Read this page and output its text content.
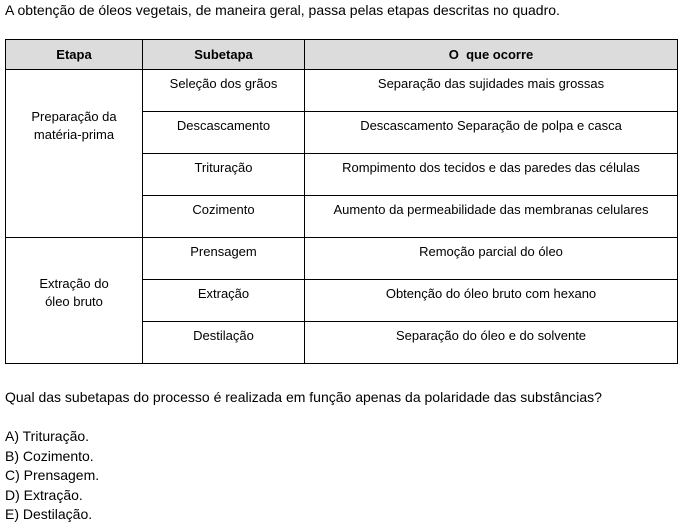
A obtenção de óleos vegetais, de maneira geral, passa pelas etapas descritas no quadro.
Etapa	Subetapa	O  que ocorre

Preparação da matéria-prima	Seleção dos grãos	Separação das sujidades mais grossas
	Descascamento	Descascamento Separação de polpa e casca
	Trituração	Rompimento dos tecidos e das paredes das células
	Cozimento	Aumento da permeabilidade das membranas celulares

Extração do óleo bruto	Prensagem	Remoção parcial do óleo
	Extração	Obtenção do óleo bruto com hexano
	Destilação	Separação do óleo e do solvente
Qual das subetapas do processo é realizada em função apenas da polaridade das substâncias?
A) Trituração.
B) Cozimento.
C) Prensagem.
D) Extração.
E) Destilação.
